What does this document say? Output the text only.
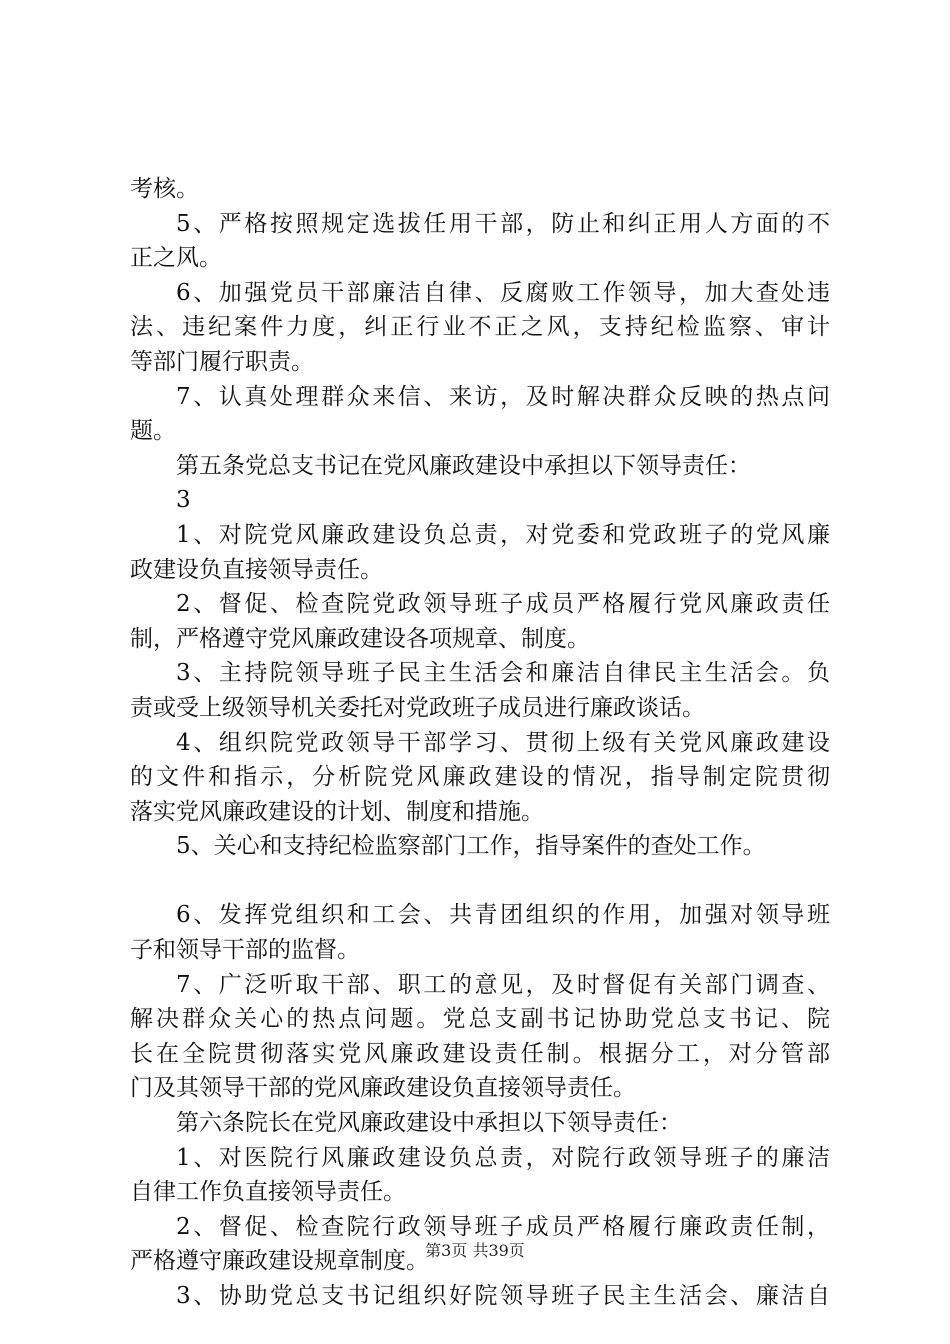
考核。
5、严格按照规定选拔任用干部，防止和纠正用人方面的不
正之风。
6、加强党员干部廉洁自律、反腐败工作领导，加大查处违
法、违纪案件力度，纠正行业不正之风，支持纪检监察、审计
等部门履行职责。
7、认真处理群众来信、来访，及时解决群众反映的热点问
题。
第五条党总支书记在党风廉政建设中承担以下领导责任：
3
1、对院党风廉政建设负总责，对党委和党政班子的党风廉
政建设负直接领导责任。
2、督促、检查院党政领导班子成员严格履行党风廉政责任
制，严格遵守党风廉政建设各项规章、制度。
3、主持院领导班子民主生活会和廉洁自律民主生活会。负
责或受上级领导机关委托对党政班子成员进行廉政谈话。
4、组织院党政领导干部学习、贯彻上级有关党风廉政建设
的文件和指示，分析院党风廉政建设的情况，指导制定院贯彻
落实党风廉政建设的计划、制度和措施。
5、关心和支持纪检监察部门工作，指导案件的查处工作。
6、发挥党组织和工会、共青团组织的作用，加强对领导班
子和领导干部的监督。
7、广泛听取干部、职工的意见，及时督促有关部门调查、
解决群众关心的热点问题。党总支副书记协助党总支书记、院
长在全院贯彻落实党风廉政建设责任制。根据分工，对分管部
门及其领导干部的党风廉政建设负直接领导责任。
第六条院长在党风廉政建设中承担以下领导责任：
1、对医院行风廉政建设负总责，对院行政领导班子的廉洁
自律工作负直接领导责任。
2、督促、检查院行政领导班子成员严格履行廉政责任制，
严格遵守廉政建设规章制度。
3、协助党总支书记组织好院领导班子民主生活会、廉洁自
第3页 共39页
